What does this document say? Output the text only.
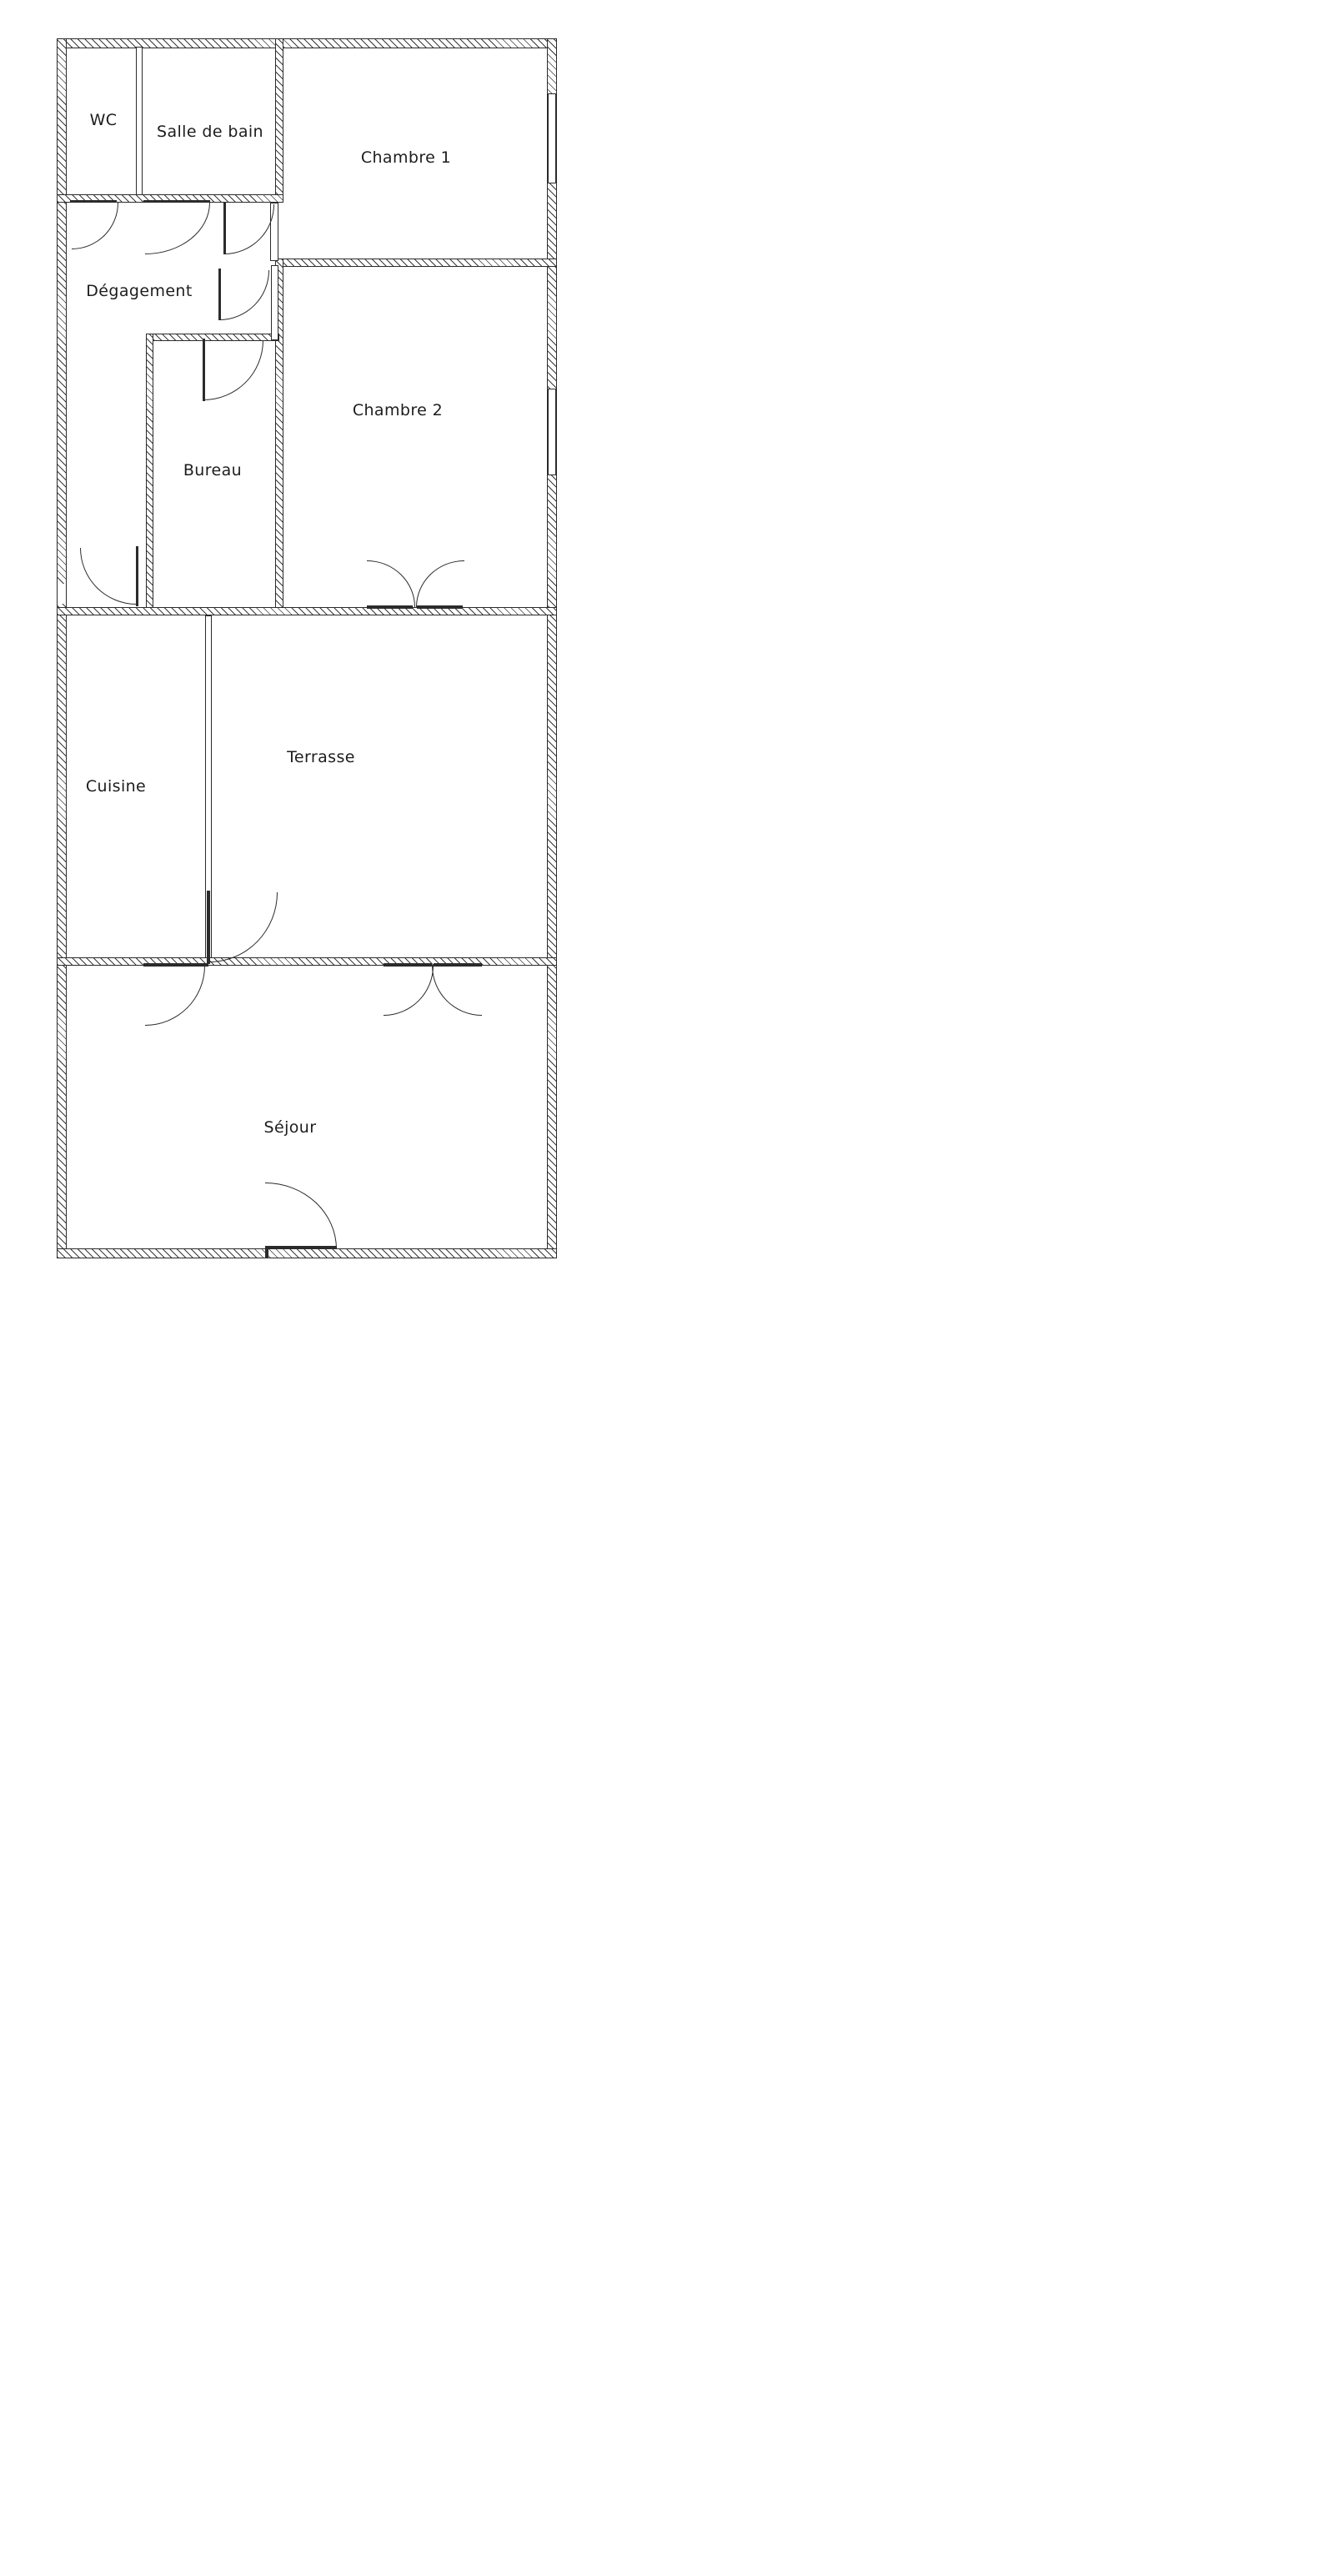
WC
Salle de bain
Chambre 1
Dégagement
Chambre 2
Bureau
Terrasse
Cuisine
Séjour
